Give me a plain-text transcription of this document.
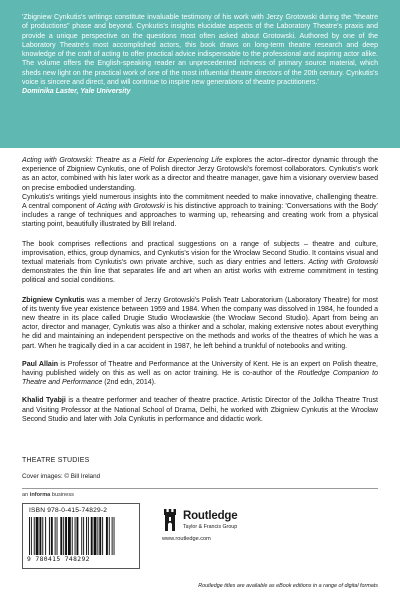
'Zbigniew Cynkutis's writings constitute invaluable testimony of his work with Jerzy Grotowski during the "theatre of productions" phase and beyond. Cynkutis's insights elucidate aspects of the Laboratory Theatre's praxis and provide a unique perspective on the questions most often asked about Grotowski. Authored by one of the Laboratory Theatre's most accomplished actors, this book draws on long-term theatre research and deep knowledge of the craft of acting to offer practical advice indispensable to the professional and aspiring actor alike. The volume offers the English-speaking reader an unprecedented richness of primary source material, which sheds new light on the practical work of one of the most influential theatre directors of the 20th century. Cynkutis's voice is sincere and direct, and will continue to inspire new generations of theatre practitioners.'

Dominika Laster, Yale University

Acting with Grotowski: Theatre as a Field for Experiencing Life explores the actor–director dynamic through the experience of Zbigniew Cynkutis, one of Polish director Jerzy Grotowski's foremost collaborators. Cynkutis's work as an actor, combined with his later work as a director and theatre manager, gave him a visionary overview based on precise embodied understanding.

Cynkutis's writings yield numerous insights into the commitment needed to make innovative, challenging theatre. A central component of Acting with Grotowski is his distinctive approach to training: 'Conversations with the Body' includes a range of techniques and approaches to warming up, rehearsing and creating work from a physical starting point, beautifully illustrated by Bill Ireland.

The book comprises reflections and practical suggestions on a range of subjects – theatre and culture, improvisation, ethics, group dynamics, and Cynkutis's vision for the Wrocław Second Studio. It contains visual and textual materials from Cynkutis's own private archive, such as diary entries and letters. Acting with Grotowski demonstrates the thin line that separates life and art when an artist works with extreme commitment in testing political and social conditions.

Zbigniew Cynkutis was a member of Jerzy Grotowski's Polish Teatr Laboratorium (Laboratory Theatre) for most of its twenty five year existence between 1959 and 1984. When the company was dissolved in 1984, he founded a new theatre in its place called Drugie Studio Wrocławskie (the Wrocław Second Studio). Apart from being an actor, director and manager, Cynkutis was also a thinker and a scholar, making extensive notes about everything he did and maintaining an independent perspective on the methods and works of the theatres of which he was a part. When he tragically died in a car accident in 1987, he left behind a trunkful of notebooks and writing.

Paul Allain is Professor of Theatre and Performance at the University of Kent. He is an expert on Polish theatre, having published widely on this as well as on actor training. He is co-author of the Routledge Companion to Theatre and Performance (2nd edn, 2014).

Khalid Tyabji is a theatre performer and teacher of theatre practice. Artistic Director of the Jolkha Theatre Trust and Visiting Professor at the National School of Drama, Delhi, he worked with Zbigniew Cynkutis at the Wrocław Second Studio and later with Jola Cynkutis in performance and didactic work.

THEATRE STUDIES
Cover images: © Bill Ireland
an informa business
ISBN 978-0-415-74829-2
9 780415 748292
Routledge
Taylor & Francis Group
www.routledge.com
Routledge titles are available as eBook editions in a range of digital formats
